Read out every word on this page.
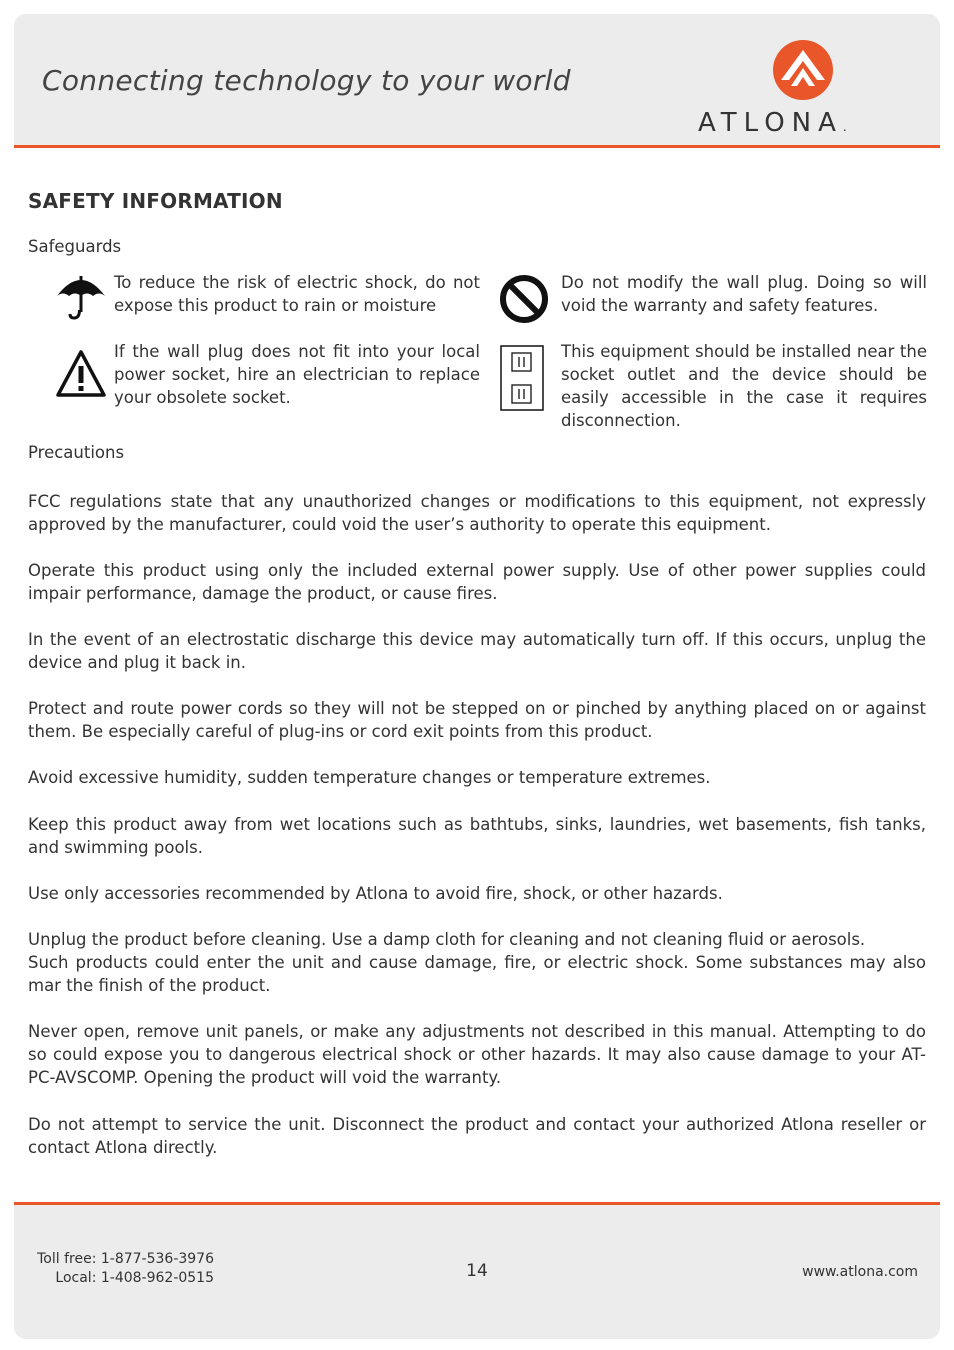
Connecting technology to your world
ATLONA.
SAFETY INFORMATION
Safeguards
To reduce the risk of electric shock, do not expose this product to rain or moisture
Do not modify the wall plug. Doing so will void the warranty and safety features.
If the wall plug does not fit into your local power socket, hire an electrician to replace your obsolete socket.
This equipment should be installed near the socket outlet and the device should be easily accessible in the case it requires disconnection.
Precautions
FCC regulations state that any unauthorized changes or modifications to this equipment, not expressly approved by the manufacturer, could void the user’s authority to operate this equipment.
Operate this product using only the included external power supply. Use of other power supplies could impair performance, damage the product, or cause fires.
In the event of an electrostatic discharge this device may automatically turn off. If this occurs, unplug the device and plug it back in.
Protect and route power cords so they will not be stepped on or pinched by anything placed on or against them. Be especially careful of plug-ins or cord exit points from this product.
Avoid excessive humidity, sudden temperature changes or temperature extremes.
Keep this product away from wet locations such as bathtubs, sinks, laundries, wet basements, fish tanks, and swimming pools.
Use only accessories recommended by Atlona to avoid fire, shock, or other hazards.
Unplug the product before cleaning. Use a damp cloth for cleaning and not cleaning fluid or aerosols.
Such products could enter the unit and cause damage, fire, or electric shock. Some substances may also mar the finish of the product.
Never open, remove unit panels, or make any adjustments not described in this manual. Attempting to do so could expose you to dangerous electrical shock or other hazards. It may also cause damage to your AT-PC-AVSCOMP. Opening the product will void the warranty.
Do not attempt to service the unit. Disconnect the product and contact your authorized Atlona reseller or contact Atlona directly.
Toll free: 1-877-536-3976
Local: 1-408-962-0515	14	www.atlona.com
